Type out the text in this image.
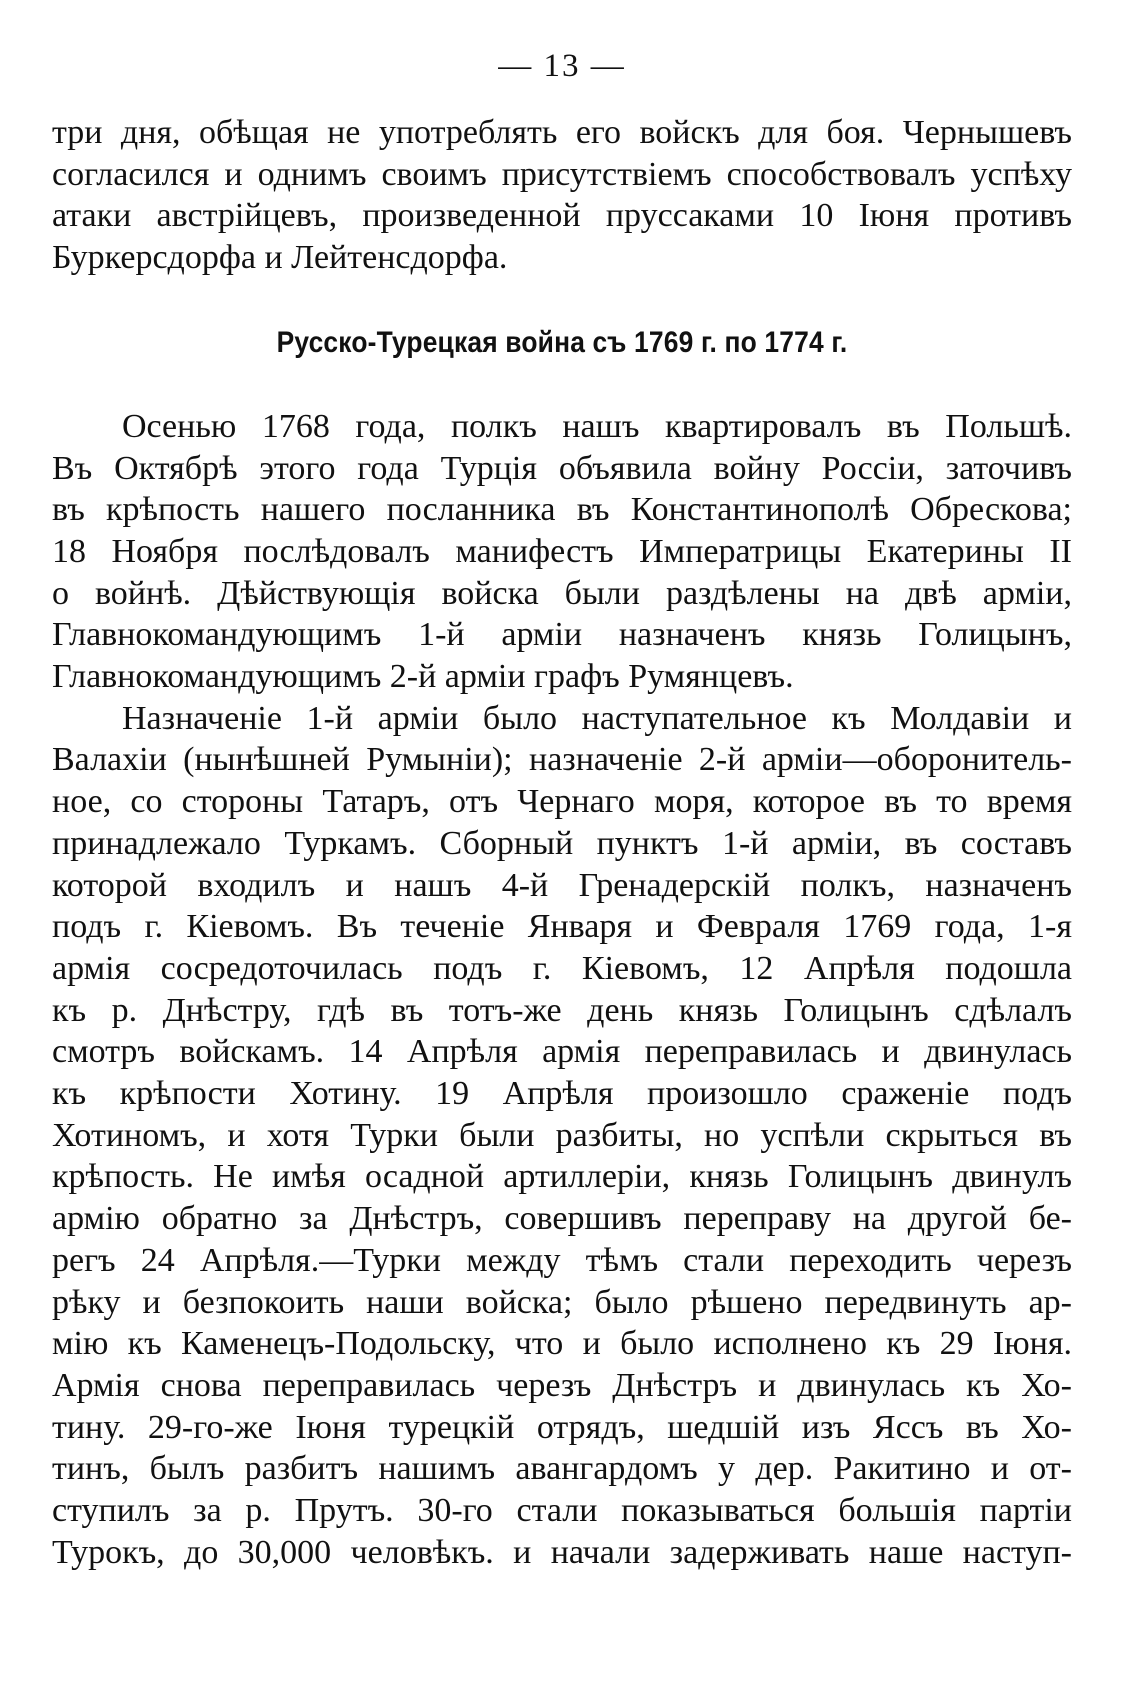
— 13 —
три дня, обѣщая не употреблять его войскъ для боя. Чернышевъ
согласился и однимъ своимъ присутствіемъ способствовалъ успѣху
атаки австрійцевъ, произведенной пруссаками 10 Іюня противъ
Буркерсдорфа и Лейтенсдорфа.
Русско-Турецкая война съ 1769 г. по 1774 г.
Осенью 1768 года, полкъ нашъ квартировалъ въ Польшѣ.
Въ Октябрѣ этого года Турція объявила войну Россіи, заточивъ
въ крѣпость нашего посланника въ Константинополѣ Обрескова;
18 Ноября послѣдовалъ манифестъ Императрицы Екатерины II
о войнѣ. Дѣйствующія войска были раздѣлены на двѣ арміи,
Главнокомандующимъ 1-й арміи назначенъ князь Голицынъ,
Главнокомандующимъ 2-й арміи графъ Румянцевъ.
Назначеніе 1-й арміи было наступательное къ Молдавіи и
Валахіи (нынѣшней Румыніи); назначеніе 2-й арміи—оборонитель-
ное, со стороны Татаръ, отъ Чернаго моря, которое въ то время
принадлежало Туркамъ. Сборный пунктъ 1-й арміи, въ составъ
которой входилъ и нашъ 4-й Гренадерскій полкъ, назначенъ
подъ г. Кіевомъ. Въ теченіе Января и Февраля 1769 года, 1-я
армія сосредоточилась подъ г. Кіевомъ, 12 Апрѣля подошла
къ р. Днѣстру, гдѣ въ тотъ-же день князь Голицынъ сдѣлалъ
смотръ войскамъ. 14 Апрѣля армія переправилась и двинулась
къ крѣпости Хотину. 19 Апрѣля произошло сраженіе подъ
Хотиномъ, и хотя Турки были разбиты, но успѣли скрыться въ
крѣпость. Не имѣя осадной артиллеріи, князь Голицынъ двинулъ
армію обратно за Днѣстръ, совершивъ переправу на другой бе-
регъ 24 Апрѣля.—Турки между тѣмъ стали переходить черезъ
рѣку и безпокоить наши войска; было рѣшено передвинуть ар-
мію къ Каменецъ-Подольску, что и было исполнено къ 29 Іюня.
Армія снова переправилась черезъ Днѣстръ и двинулась къ Хо-
тину. 29-го-же Іюня турецкій отрядъ, шедшій изъ Яссъ въ Хо-
тинъ, былъ разбитъ нашимъ авангардомъ у дер. Ракитино и от-
ступилъ за р. Прутъ. 30-го стали показываться большія партіи
Турокъ, до 30,000 человѣкъ. и начали задерживать наше наступ-
